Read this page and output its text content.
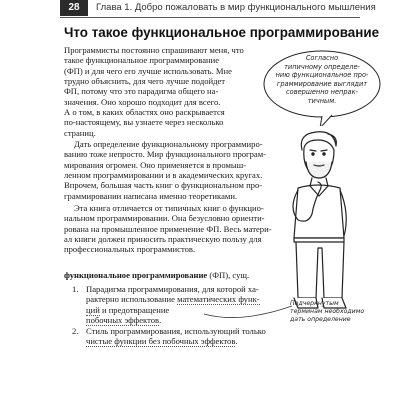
28	Глава 1. Добро пожаловать в мир функционального мышления
Что такое функциональное программирование
Программисты постоянно спрашивают меня, что
такое функциональное программирование
(ФП) и для чего его лучше использовать. Мне
трудно объяснить, для чего лучше подойдет
ФП, потому что это парадигма общего на-
значения. Оно хорошо подходит для всего.
А о том, в каких областях оно раскрывается
по-настоящему, вы узнаете через несколько
страниц.
Дать определение функциональному программиро-
ванию тоже непросто. Мир функционального програм-
мирования огромен. Оно применяется в промыш-
ленном программировании и в академических кругах.
Впрочем, большая часть книг о функциональном про-
граммировании написана именно теоретиками.
Эта книга отличается от типичных книг о функцио-
нальном программировании. Она безусловно ориенти-
рована на промышленное применение ФП. Весь матери-
ал книги должен приносить практическую пользу для
профессиональных программистов.
Согласно
типичному определе-
нию функциональное про-
граммирование выглядит
совершенно непрак-
тичным.
функциональное программирование (ФП), сущ.
1. Парадигма программирования, для которой ха-
рактерно использование математических функ-
ций и предотвращение
побочных эффектов.
2. Стиль программирования, использующий только
чистые функции без побочных эффектов.
Подчеркнутым
терминам необходимо
дать определение
